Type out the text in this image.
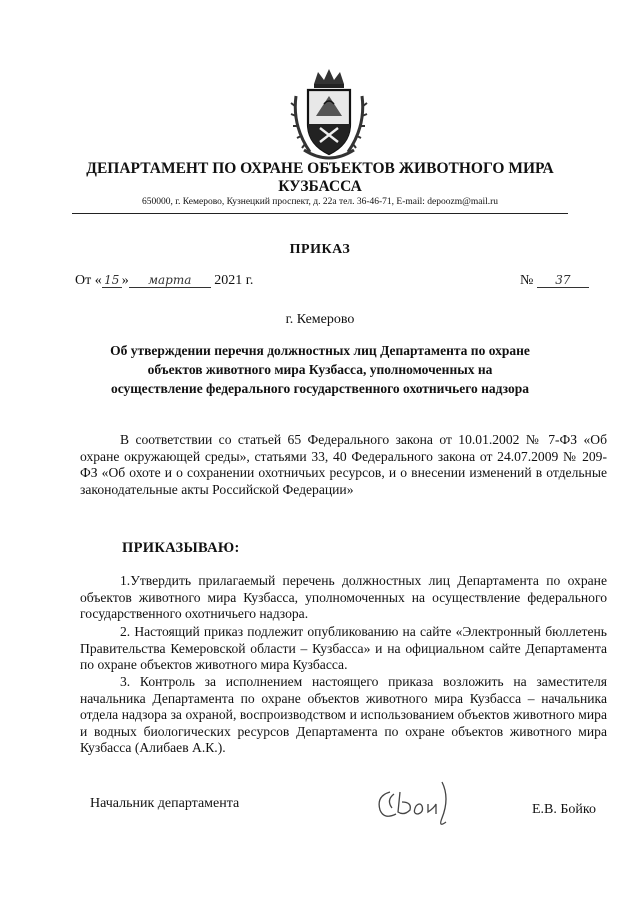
ДЕПАРТАМЕНТ ПО ОХРАНЕ ОБЪЕКТОВ ЖИВОТНОГО МИРА КУЗБАССА
650000, г. Кемерово, Кузнецкий проспект, д. 22а тел. 36-46-71, E-mail: depoozm@mail.ru
ПРИКАЗ
От « 15 » марта 2021 г.	№ 37
г. Кемерово
Об утверждении перечня должностных лиц Департамента по охране объектов животного мира Кузбасса, уполномоченных на осуществление федерального государственного охотничьего надзора
В соответствии со статьей 65 Федерального закона от 10.01.2002 № 7-ФЗ «Об охране окружающей среды», статьями 33, 40 Федерального закона от 24.07.2009 № 209-ФЗ «Об охоте и о сохранении охотничьих ресурсов, и о внесении изменений в отдельные законодательные акты Российской Федерации»
ПРИКАЗЫВАЮ:
1.Утвердить прилагаемый перечень должностных лиц Департамента по охране объектов животного мира Кузбасса, уполномоченных на осуществление федерального государственного охотничьего надзора.
2. Настоящий приказ подлежит опубликованию на сайте «Электронный бюллетень Правительства Кемеровской области – Кузбасса» и на официальном сайте Департамента по охране объектов животного мира Кузбасса.
3. Контроль за исполнением настоящего приказа возложить на заместителя начальника Департамента по охране объектов животного мира Кузбасса – начальника отдела надзора за охраной, воспроизводством и использованием объектов животного мира и водных биологических ресурсов Департамента по охране объектов животного мира Кузбасса (Алибаев А.К.).
Начальник департамента	Е.В. Бойко
